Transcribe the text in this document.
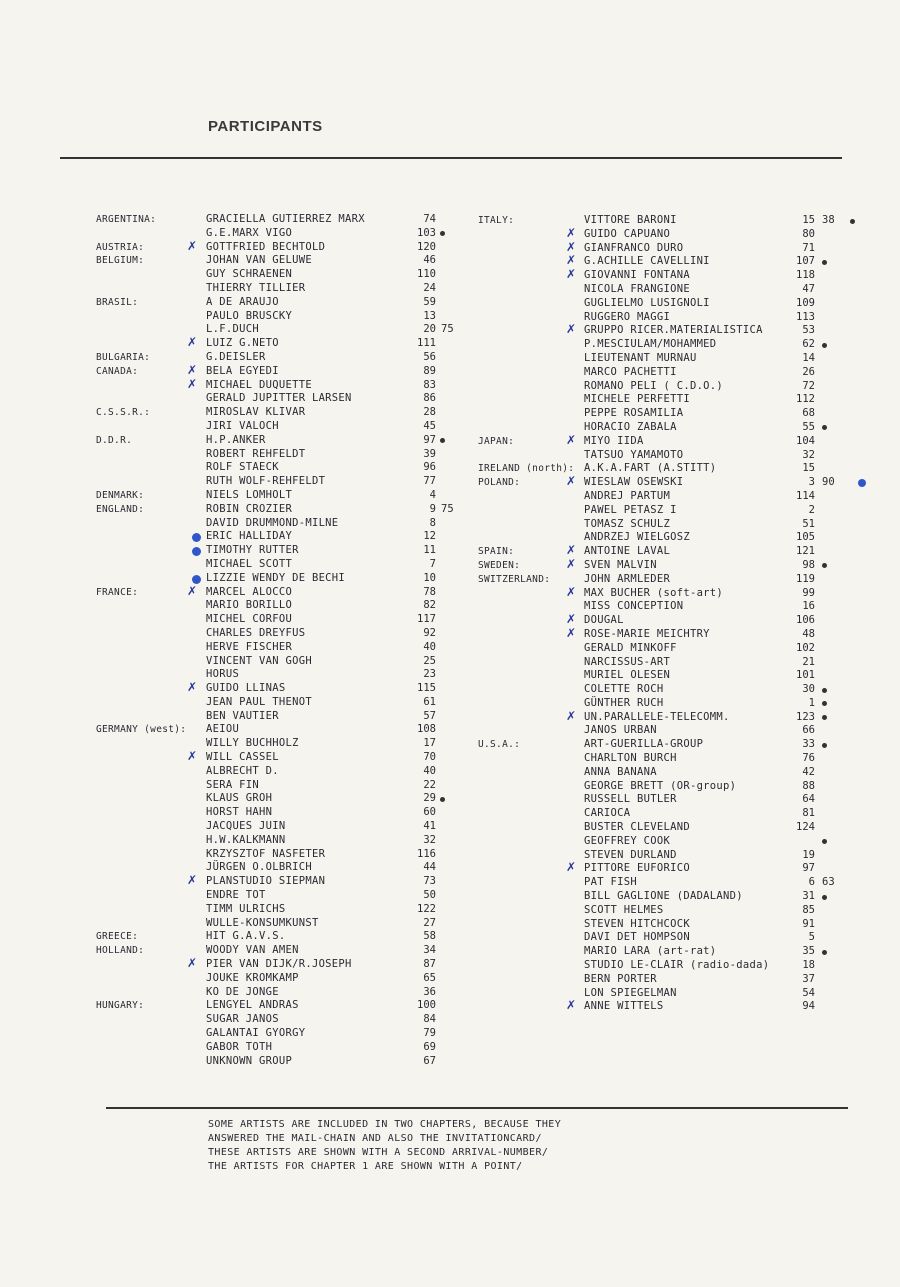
PARTICIPANTS
ARGENTINA:	GRACIELLA GUTIERREZ MARX	74
G.E.MARX VIGO	103
AUSTRIA:	✗ GOTTFRIED BECHTOLD	120
BELGIUM:	JOHAN VAN GELUWE	46
GUY SCHRAENEN	110
THIERRY TILLIER	24
BRASIL:	A DE ARAUJO	59
PAULO BRUSCKY	13
L.F.DUCH	20 75
✗ LUIZ G.NETO	111
BULGARIA:	G.DEISLER	56
CANADA:	✗ BELA EGYEDI	89
✗ MICHAEL DUQUETTE	83
GERALD JUPITTER LARSEN	86
C.S.S.R.:	MIROSLAV KLIVAR	28
JIRI VALOCH	45
D.D.R.	H.P.ANKER	97
ROBERT REHFELDT	39
ROLF STAECK	96
RUTH WOLF-REHFELDT	77
DENMARK:	NIELS LOMHOLT	4
ENGLAND:	ROBIN CROZIER	9 75
DAVID DRUMMOND-MILNE	8
ERIC HALLIDAY	12
TIMOTHY RUTTER	11
MICHAEL SCOTT	7
LIZZIE WENDY DE BECHI	10
FRANCE:	✗ MARCEL ALOCCO	78
MARIO BORILLO	82
MICHEL CORFOU	117
CHARLES DREYFUS	92
HERVE FISCHER	40
VINCENT VAN GOGH	25
HORUS	23
✗ GUIDO LLINAS	115
JEAN PAUL THENOT	61
BEN VAUTIER	57
GERMANY (west): AEIOU	108
WILLY BUCHHOLZ	17
✗ WILL CASSEL	70
ALBRECHT D.	40
SERA FIN	22
KLAUS GROH	29
HORST HAHN	60
JACQUES JUIN	41
H.W.KALKMANN	32
KRZYSZTOF NASFETER	116
JÜRGEN O.OLBRICH	44
✗ PLANSTUDIO SIEPMAN	73
ENDRE TOT	50
TIMM ULRICHS	122
WULLE-KONSUMKUNST	27
GREECE:	HIT G.A.V.S.	58
HOLLAND:	WOODY VAN AMEN	34
✗ PIER VAN DIJK/R.JOSEPH	87
JOUKE KROMKAMP	65
KO DE JONGE	36
HUNGARY:	LENGYEL ANDRAS	100
SUGAR JANOS	84
GALANTAI GYORGY	79
GABOR TOTH	69
UNKNOWN GROUP	67
ITALY:	VITTORE BARONI	15 38
✗ GUIDO CAPUANO	80
✗ GIANFRANCO DURO	71
✗ G.ACHILLE CAVELLINI	107
✗ GIOVANNI FONTANA	118
NICOLA FRANGIONE	47
GUGLIELMO LUSIGNOLI	109
RUGGERO MAGGI	113
✗ GRUPPO RICER.MATERIALISTICA	53
P.MESCIULAM/MOHAMMED	62
LIEUTENANT MURNAU	14
MARCO PACHETTI	26
ROMANO PELI ( C.D.O.)	72
MICHELE PERFETTI	112
PEPPE ROSAMILIA	68
HORACIO ZABALA	55
JAPAN:	✗ MIYO IIDA	104
TATSUO YAMAMOTO	32
IRELAND (north): A.K.A.FART (A.STITT)	15
POLAND:	✗ WIESLAW OSEWSKI	3 90
ANDREJ PARTUM	114
PAWEL PETASZ I	2
TOMASZ SCHULZ	51
ANDRZEJ WIELGOSZ	105
SPAIN:	✗ ANTOINE LAVAL	121
SWEDEN:	✗ SVEN MALVIN	98
SWITZERLAND:	JOHN ARMLEDER	119
✗ MAX BUCHER (soft-art)	99
MISS CONCEPTION	16
✗ DOUGAL	106
✗ ROSE-MARIE MEICHTRY	48
GERALD MINKOFF	102
NARCISSUS-ART	21
MURIEL OLESEN	101
COLETTE ROCH	30
GÜNTHER RUCH	1
✗ UN.PARALLELE-TELECOMM.	123
JANOS URBAN	66
U.S.A.:	ART-GUERILLA-GROUP	33
CHARLTON BURCH	76
ANNA BANANA	42
GEORGE BRETT (OR-group)	88
RUSSELL BUTLER	64
CARIOCA	81
BUSTER CLEVELAND	124
GEOFFREY COOK
STEVEN DURLAND	19
✗ PITTORE EUFORICO	97
PAT FISH	6 63
BILL GAGLIONE (DADALAND)	31
SCOTT HELMES	85
STEVEN HITCHCOCK	91
DAVI DET HOMPSON	5
MARIO LARA (art-rat)	35
STUDIO LE-CLAIR (radio-dada)	18
BERN PORTER	37
LON SPIEGELMAN	54
✗ ANNE WITTELS	94
SOME ARTISTS ARE INCLUDED IN TWO CHAPTERS, BECAUSE THEY
ANSWERED THE MAIL-CHAIN AND ALSO THE INVITATIONCARD/
THESE ARTISTS ARE SHOWN WITH A SECOND ARRIVAL-NUMBER/
THE ARTISTS FOR CHAPTER 1 ARE SHOWN WITH A POINT/
